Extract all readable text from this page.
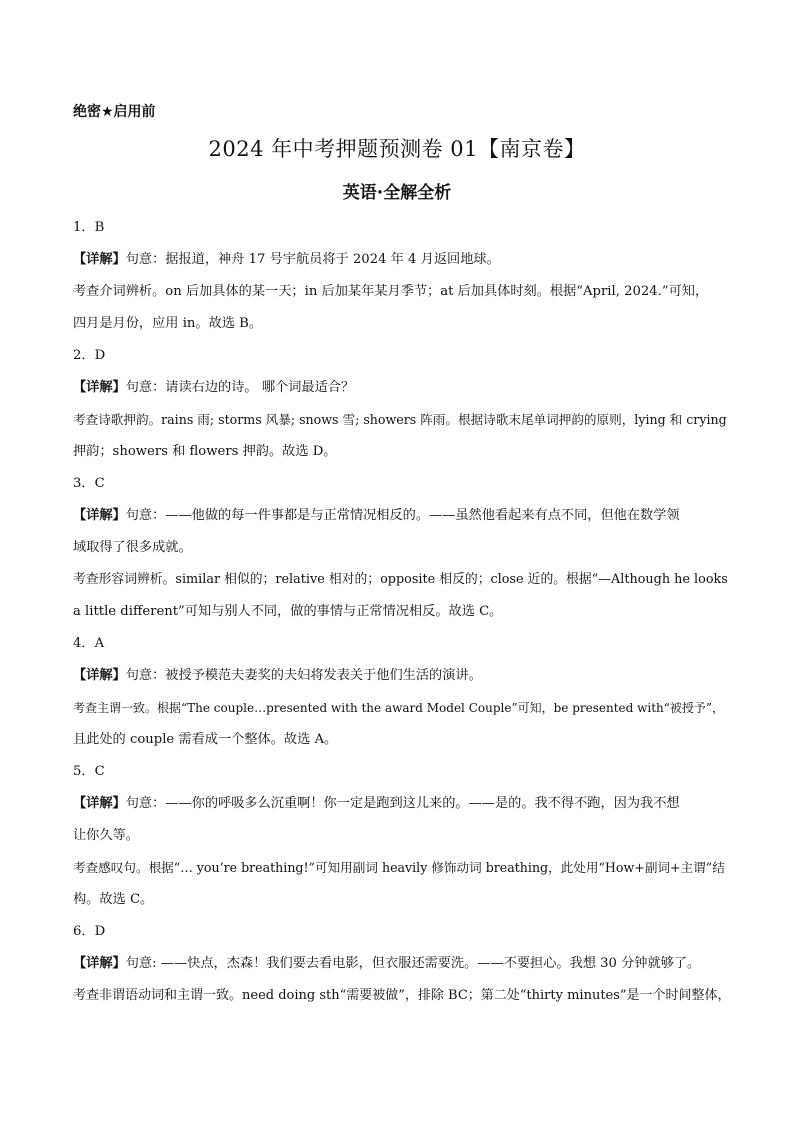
绝密★启用前
2024 年中考押题预测卷 01【南京卷】
英语·全解全析
1．B
【详解】句意：据报道，神舟 17 号宇航员将于 2024 年 4 月返回地球。
考查介词辨析。on 后加具体的某一天；in 后加某年某月季节；at 后加具体时刻。根据“April, 2024.”可知，
四月是月份，应用 in。故选 B。
2．D
【详解】句意：请读右边的诗。 哪个词最适合？
考查诗歌押韵。rains 雨; storms 风暴; snows 雪; showers 阵雨。根据诗歌末尾单词押韵的原则，lying 和 crying
押韵；showers 和 flowers 押韵。故选 D。
3．C
【详解】句意：——他做的每一件事都是与正常情况相反的。——虽然他看起来有点不同，但他在数学领
域取得了很多成就。
考查形容词辨析。similar 相似的；relative 相对的；opposite 相反的；close 近的。根据“—Although he looks
a little different”可知与别人不同，做的事情与正常情况相反。故选 C。
4．A
【详解】句意：被授予模范夫妻奖的夫妇将发表关于他们生活的演讲。
考查主谓一致。根据“The couple…presented with the award Model Couple”可知，be presented with“被授予”，
且此处的 couple 需看成一个整体。故选 A。
5．C
【详解】句意：——你的呼吸多么沉重啊！你一定是跑到这儿来的。——是的。我不得不跑，因为我不想
让你久等。
考查感叹句。根据“… you’re breathing!”可知用副词 heavily 修饰动词 breathing，此处用“How+副词+主谓”结
构。故选 C。
6．D
【详解】句意: ——快点，杰森！我们要去看电影，但衣服还需要洗。——不要担心。我想 30 分钟就够了。
考查非谓语动词和主谓一致。need doing sth“需要被做”，排除 BC；第二处“thirty minutes”是一个时间整体，
